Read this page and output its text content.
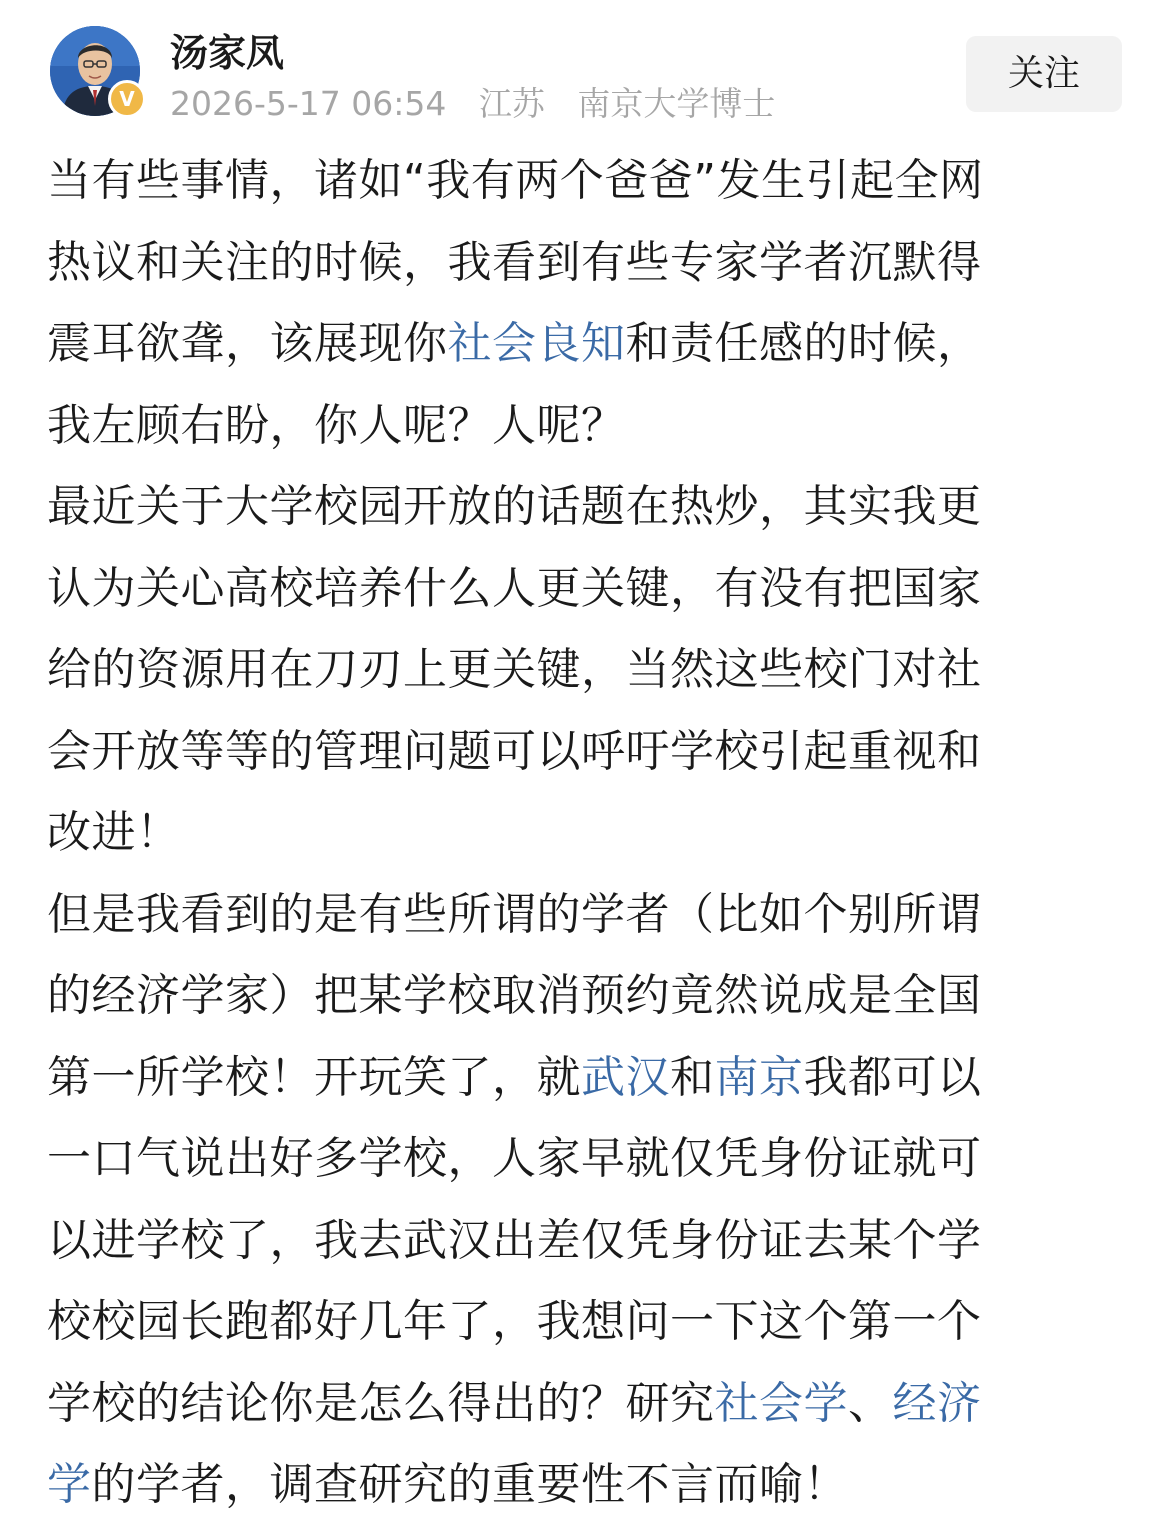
V
汤家凤
2026-5-17 06:54 江苏 南京大学博士
关注
当有些事情，诸如“我有两个爸爸”发生引起全网
热议和关注的时候，我看到有些专家学者沉默得
震耳欲聋，该展现你社会良知和责任感的时候，
我左顾右盼，你人呢？人呢？
最近关于大学校园开放的话题在热炒，其实我更
认为关心高校培养什么人更关键，有没有把国家
给的资源用在刀刃上更关键，当然这些校门对社
会开放等等的管理问题可以呼吁学校引起重视和
改进！
但是我看到的是有些所谓的学者（比如个别所谓
的经济学家）把某学校取消预约竟然说成是全国
第一所学校！开玩笑了，就武汉和南京我都可以
一口气说出好多学校，人家早就仅凭身份证就可
以进学校了，我去武汉出差仅凭身份证去某个学
校校园长跑都好几年了，我想问一下这个第一个
学校的结论你是怎么得出的？研究社会学、经济
学的学者，调查研究的重要性不言而喻！
